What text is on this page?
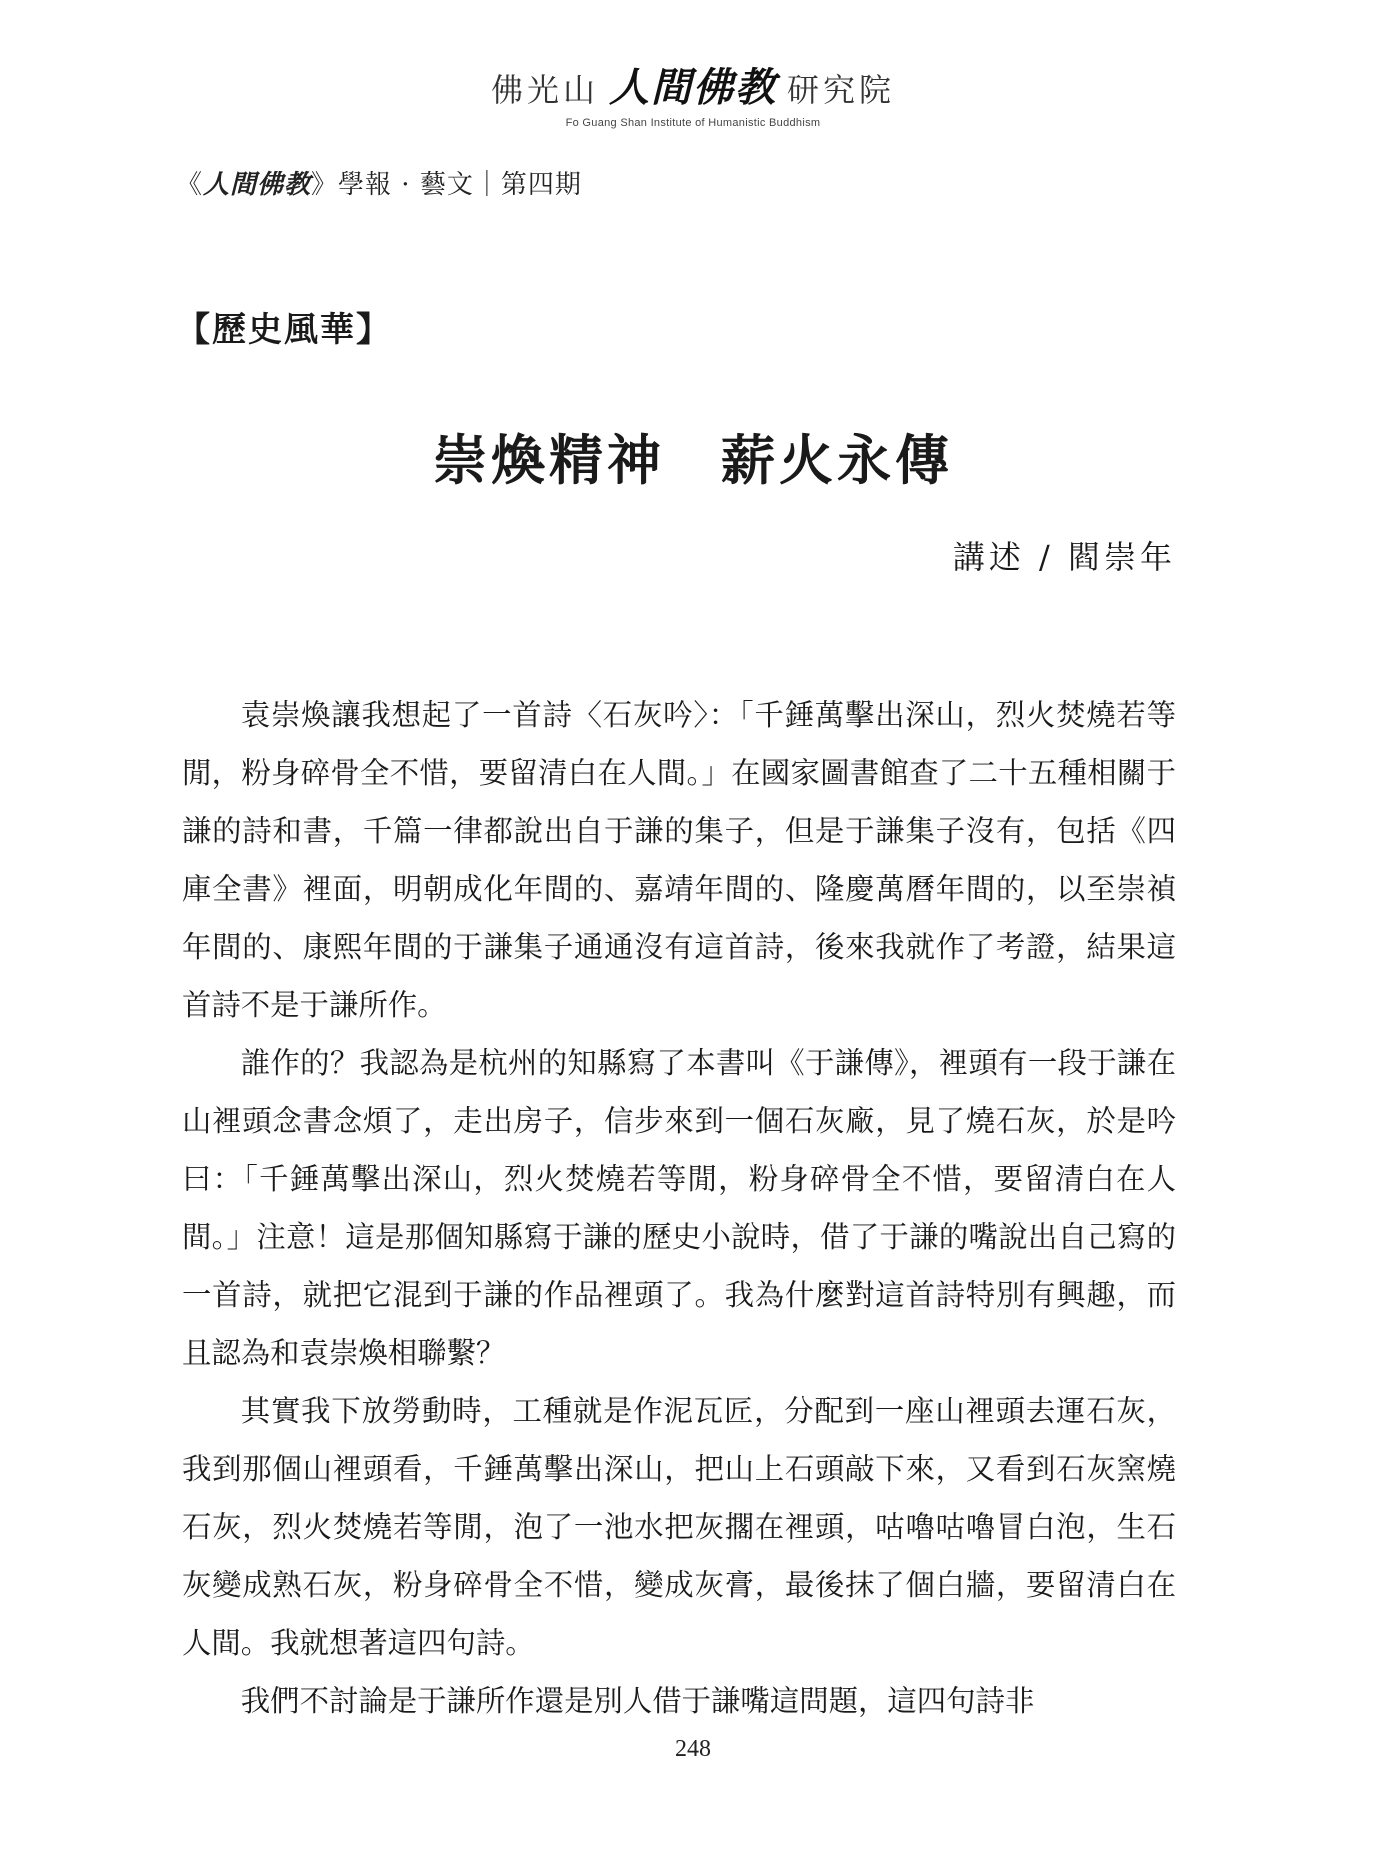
佛光山 人間佛教 研究院
Fo Guang Shan Institute of Humanistic Buddhism
《人間佛教》學報 · 藝文｜第四期
【歷史風華】
崇煥精神 薪火永傳
講述 / 閻崇年

袁崇煥讓我想起了一首詩〈石灰吟〉：「千錘萬擊出深山，烈火焚燒若等閒，粉身碎骨全不惜，要留清白在人間。」在國家圖書館查了二十五種相關于謙的詩和書，千篇一律都說出自于謙的集子，但是于謙集子沒有，包括《四庫全書》裡面，明朝成化年間的、嘉靖年間的、隆慶萬曆年間的，以至崇禎年間的、康熙年間的于謙集子通通沒有這首詩，後來我就作了考證，結果這首詩不是于謙所作。

誰作的？我認為是杭州的知縣寫了本書叫《于謙傳》，裡頭有一段于謙在山裡頭念書念煩了，走出房子，信步來到一個石灰廠，見了燒石灰，於是吟曰：「千錘萬擊出深山，烈火焚燒若等閒，粉身碎骨全不惜，要留清白在人間。」注意！這是那個知縣寫于謙的歷史小說時，借了于謙的嘴說出自己寫的一首詩，就把它混到于謙的作品裡頭了。我為什麼對這首詩特別有興趣，而且認為和袁崇煥相聯繫？

其實我下放勞動時，工種就是作泥瓦匠，分配到一座山裡頭去運石灰，我到那個山裡頭看，千錘萬擊出深山，把山上石頭敲下來，又看到石灰窯燒石灰，烈火焚燒若等閒，泡了一池水把灰擱在裡頭，咕嚕咕嚕冒白泡，生石灰變成熟石灰，粉身碎骨全不惜，變成灰膏，最後抹了個白牆，要留清白在人間。我就想著這四句詩。

我們不討論是于謙所作還是別人借于謙嘴這問題，這四句詩非

248
